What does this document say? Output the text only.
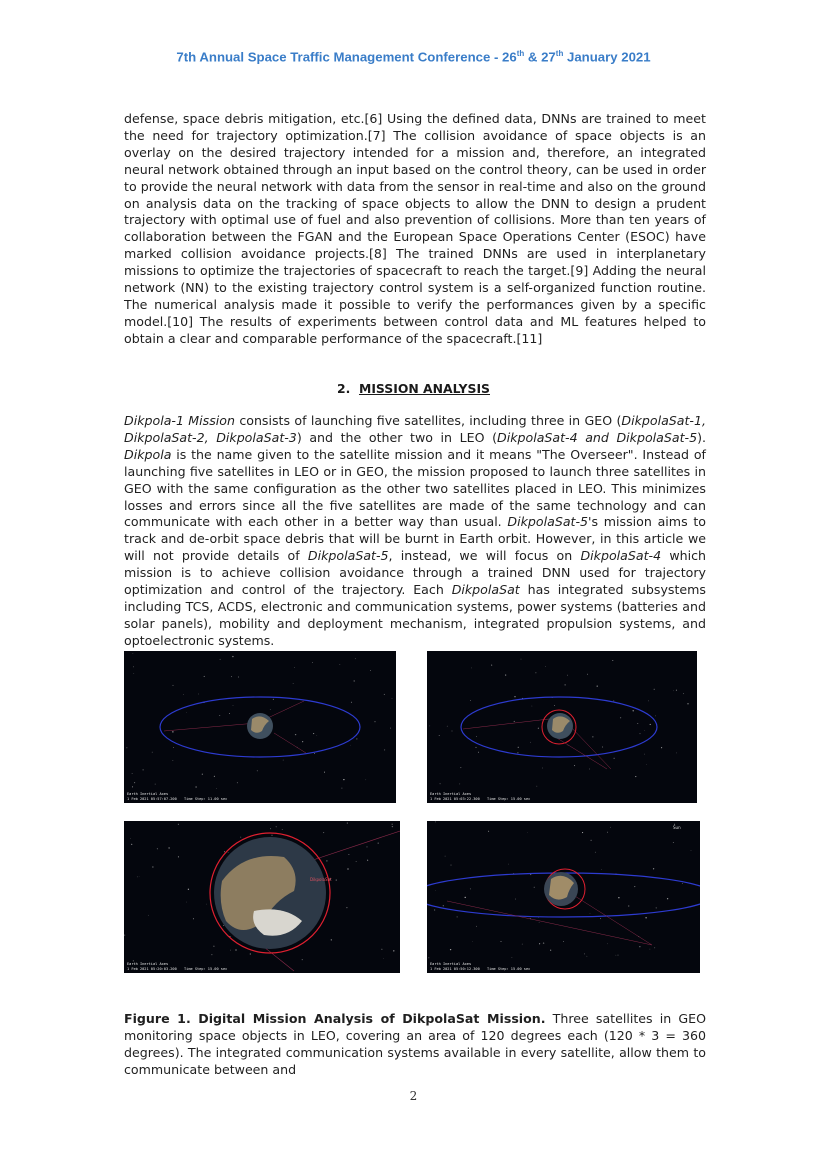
7th Annual Space Traffic Management Conference - 26th & 27th January 2021

defense, space debris mitigation, etc.[6] Using the defined data, DNNs are trained to meet the need for trajectory optimization.[7] The collision avoidance of space objects is an overlay on the desired trajectory intended for a mission and, therefore, an integrated neural network obtained through an input based on the control theory, can be used in order to provide the neural network with data from the sensor in real-time and also on the ground on analysis data on the tracking of space objects to allow the DNN to design a prudent trajectory with optimal use of fuel and also prevention of collisions. More than ten years of collaboration between the FGAN and the European Space Operations Center (ESOC) have marked collision avoidance projects.[8] The trained DNNs are used in interplanetary missions to optimize the trajectories of spacecraft to reach the target.[9] Adding the neural network (NN) to the existing trajectory control system is a self-organized function routine. The numerical analysis made it possible to verify the performances given by a specific model.[10] The results of experiments between control data and ML features helped to obtain a clear and comparable performance of the spacecraft.[11]

2. MISSION ANALYSIS

Dikpola-1 Mission consists of launching five satellites, including three in GEO (DikpolaSat-1, DikpolaSat-2, DikpolaSat-3) and the other two in LEO (DikpolaSat-4 and DikpolaSat-5). Dikpola is the name given to the satellite mission and it means "The Overseer". Instead of launching five satellites in LEO or in GEO, the mission proposed to launch three satellites in GEO with the same configuration as the other two satellites placed in LEO. This minimizes losses and errors since all the five satellites are made of the same technology and can communicate with each other in a better way than usual. DikpolaSat-5's mission aims to track and de-orbit space debris that will be burnt in Earth orbit. However, in this article we will not provide details of DikpolaSat-5, instead, we will focus on DikpolaSat-4 which mission is to achieve collision avoidance through a trained DNN used for trajectory optimization and control of the trajectory. Each DikpolaSat has integrated subsystems including TCS, ACDS, electronic and communication systems, power systems (batteries and solar panels), mobility and deployment mechanism, integrated propulsion systems, and optoelectronic systems.

Earth Inertial Axes
1 Feb 2021 05:57:07.200 Time Step: 11.00 sec
Earth Inertial Axes
1 Feb 2021 05:03:22.300 Time Step: 15.00 sec
DikpolaSat
Earth Inertial Axes
1 Feb 2021 05:20:03.200 Time Step: 15.00 sec
Sun
Earth Inertial Axes
1 Feb 2021 05:50:12.300 Time Step: 15.00 sec
Figure 1. Digital Mission Analysis of DikpolaSat Mission. Three satellites in GEO monitoring space objects in LEO, covering an area of 120 degrees each (120 * 3 = 360 degrees). The integrated communication systems available in every satellite, allow them to communicate between and
2
